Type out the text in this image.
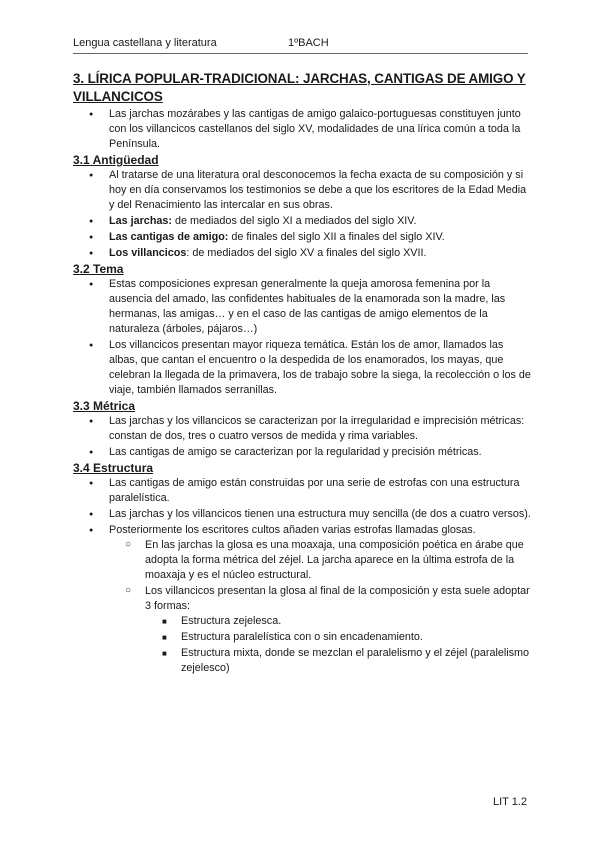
Lengua castellana y literatura	1ºBACH
3. LÍRICA POPULAR-TRADICIONAL: JARCHAS, CANTIGAS DE AMIGO Y VILLANCICOS
● Las jarchas mozárabes y las cantigas de amigo galaico-portuguesas constituyen junto con los villancicos castellanos del siglo XV, modalidades de una lírica común a toda la Península.
3.1 Antigüedad
● Al tratarse de una literatura oral desconocemos la fecha exacta de su composición y si hoy en día conservamos los testimonios se debe a que los escritores de la Edad Media y del Renacimiento las intercalar en sus obras.
● Las jarchas: de mediados del siglo XI a mediados del siglo XIV.
● Las cantigas de amigo: de finales del siglo XII a finales del siglo XIV.
● Los villancicos: de mediados del siglo XV a finales del siglo XVII.
3.2 Tema
● Estas composiciones expresan generalmente la queja amorosa femenina por la ausencia del amado, las confidentes habituales de la enamorada son la madre, las hermanas, las amigas… y en el caso de las cantigas de amigo elementos de la naturaleza (árboles, pájaros…)
● Los villancicos presentan mayor riqueza temática. Están los de amor, llamados las albas, que cantan el encuentro o la despedida de los enamorados, los mayas, que celebran la llegada de la primavera, los de trabajo sobre la siega, la recolección o los de viaje, también llamados serranillas.
3.3 Métrica
● Las jarchas y los villancicos se caracterizan por la irregularidad e imprecisión métricas: constan de dos, tres o cuatro versos de medida y rima variables.
● Las cantigas de amigo se caracterizan por la regularidad y precisión métricas.
3.4 Estructura
● Las cantigas de amigo están construidas por una serie de estrofas con una estructura paralelística.
● Las jarchas y los villancicos tienen una estructura muy sencilla (de dos a cuatro versos).
● Posteriormente los escritores cultos añaden varias estrofas llamadas glosas.
○ En las jarchas la glosa es una moaxaja, una composición poética en árabe que adopta la forma métrica del zéjel. La jarcha aparece en la última estrofa de la moaxaja y es el núcleo estructural.
○ Los villancicos presentan la glosa al final de la composición y esta suele adoptar 3 formas:
■ Estructura zejelesca.
■ Estructura paralelística con o sin encadenamiento.
■ Estructura mixta, donde se mezclan el paralelismo y el zéjel (paralelismo zejelesco)
LIT 1.2
